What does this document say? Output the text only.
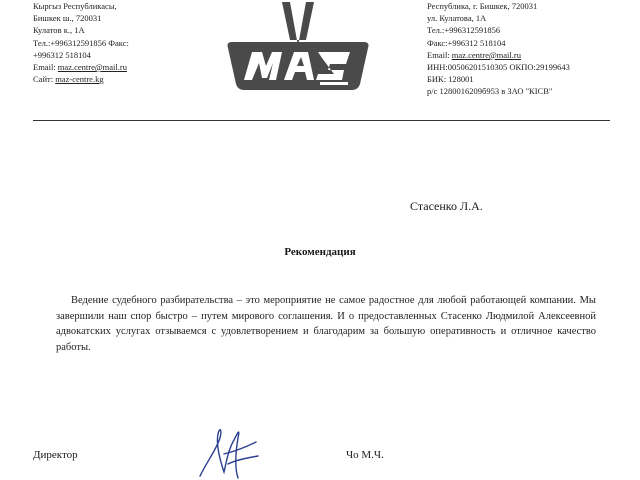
Кыргыз Республикасы,
Бишкек ш., 720031
Кулатов к., 1А
Тел.:+996312591856 Факс:
+996312 518104
Email: maz.centre@mail.ru
Сайт: maz-centre.kg
Республика, г. Бишкек, 720031
ул. Кулатова, 1А
Тел.:+996312591856
Факс:+996312 518104
Email: maz.centre@mail.ru
ИНН:00506201510305 ОКПО:29199643
БИК: 128001
р/с 1280016209б953 в ЗАО "КICB"
Стасенко Л.А.
Рекомендация
Ведение судебного разбирательства – это мероприятие не самое радостное для любой работающей компании. Мы завершили наш спор быстро – путем мирового соглашения. И о предоставленных Стасенко Людмилой Алексеевной адвокатских услугах отзываемся с удовлетворением и благодарим за большую оперативность и отличное качество работы.
Директор	Чо М.Ч.
